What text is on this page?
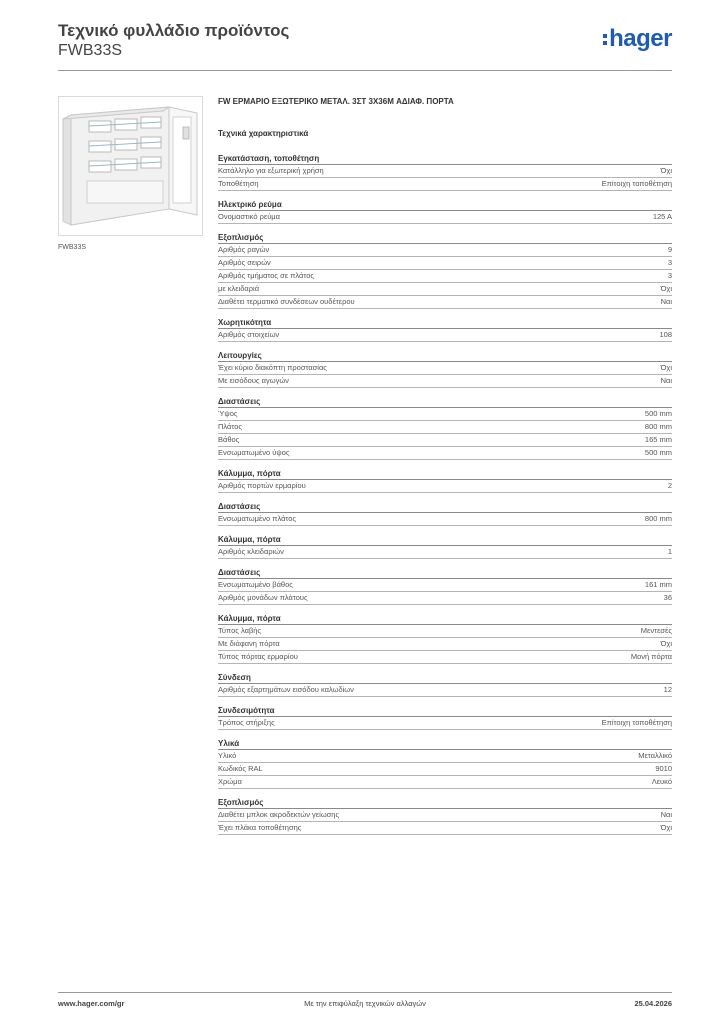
Τεχνικό φυλλάδιο προϊόντος
FWB33S	hager
FWB33S
FW ΕΡΜΑΡΙΟ ΕΞΩΤΕΡΙΚΟ ΜΕΤΑΛ. 3ΣΤ 3X36M ΑΔΙΑΦ. ΠΟΡΤΑ
Τεχνικά χαρακτηριστικά
Εγκατάσταση, τοποθέτηση
Κατάλληλο για εξωτερική χρήση	Όχι
Τοποθέτηση	Επίτοιχη τοποθέτηση
Ηλεκτρικό ρεύμα
Ονομαστικό ρεύμα	125 A
Εξοπλισμός
Αριθμός ραγών	9
Αριθμός σειρών	3
Αριθμός τμήματος σε πλάτος	3
με κλειδαριά	Όχι
Διαθέτει τερματικό συνδέσεων ουδέτερου	Ναι
Χωρητικότητα
Αριθμός στοιχείων	108
Λειτουργίες
Έχει κύριο διακόπτη προστασίας	Όχι
Με εισόδους αγωγών	Ναι
Διαστάσεις
Ύψος	500 mm
Πλάτος	800 mm
Βάθος	165 mm
Ενσωματωμένο ύψος	500 mm
Κάλυμμα, πόρτα
Αριθμός πορτών ερμαρίου	2
Διαστάσεις
Ενσωματωμένο πλάτος	800 mm
Κάλυμμα, πόρτα
Αριθμός κλειδαριών	1
Διαστάσεις
Ενσωματωμένο βάθος	161 mm
Αριθμός μονάδων πλάτους	36
Κάλυμμα, πόρτα
Τύπος λαβής	Μεντεσές
Με διάφανη πόρτα	Όχι
Τύπος πόρτας ερμαρίου	Μονή πόρτα
Σύνδεση
Αριθμός εξαρτημάτων εισόδου καλωδίων	12
Συνδεσιμότητα
Τρόπος στήριξης	Επίτοιχη τοποθέτηση
Υλικά
Υλικό	Μεταλλικό
Κωδικός RAL	9010
Χρώμα	Λευκό
Εξοπλισμός
Διαθέτει μπλοκ ακροδεκτών γείωσης	Ναι
Έχει πλάκα τοποθέτησης	Όχι
www.hager.com/gr	Με την επιφύλαξη τεχνικών αλλαγών	25.04.2026
